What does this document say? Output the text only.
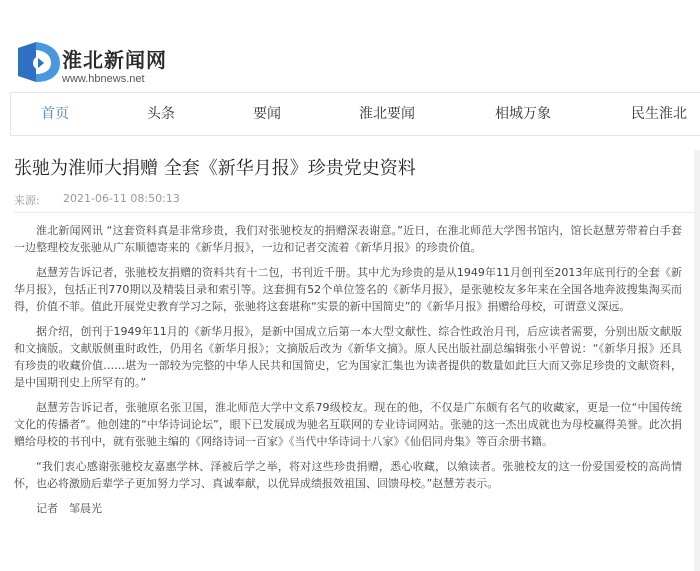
淮北新闻网
www.hbnews.net
首页	头条	要闻	淮北要闻	相城万象	民生淮北
张驰为淮师大捐赠 全套《新华月报》珍贵党史资料
来源: 2021-06-11 08:50:13

淮北新闻网讯 “这套资料真是非常珍贵，我们对张驰校友的捐赠深表谢意。”近日，在淮北师范大学图书馆内，馆长赵慧芳带着白手套一边整理校友张驰从广东顺德寄来的《新华月报》，一边和记者交流着《新华月报》的珍贵价值。

赵慧芳告诉记者，张驰校友捐赠的资料共有十二包，书刊近千册。其中尤为珍贵的是从1949年11月创刊至2013年底刊行的全套《新华月报》，包括正刊770期以及精装目录和索引等。这套拥有52个单位签名的《新华月报》，是张驰校友多年来在全国各地奔波搜集淘买而得，价值不菲。值此开展党史教育学习之际，张驰将这套堪称“实景的新中国简史”的《新华月报》捐赠给母校，可谓意义深远。

据介绍，创刊于1949年11月的《新华月报》，是新中国成立后第一本大型文献性、综合性政治月刊，后应读者需要，分别出版文献版和文摘版。文献版侧重时政性，仍用名《新华月报》；文摘版后改为《新华文摘》。原人民出版社副总编辑张小平曾说：“《新华月报》还具有珍贵的收藏价值……堪为一部较为完整的中华人民共和国简史，它为国家汇集也为读者提供的数量如此巨大而又弥足珍贵的文献资料，是中国期刊史上所罕有的。”

赵慧芳告诉记者，张驰原名张卫国，淮北师范大学中文系79级校友。现在的他，不仅是广东颇有名气的收藏家，更是一位“中国传统文化的传播者”。他创建的“中华诗词论坛”，眼下已发展成为驰名互联网的专业诗词网站。张驰的这一杰出成就也为母校赢得美誉。此次捐赠给母校的书刊中，就有张驰主编的《网络诗词一百家》《当代中华诗词十八家》《仙侣同舟集》等百余册书籍。

“我们衷心感谢张驰校友嘉惠学林、泽被后学之举，将对这些珍贵捐赠，悉心收藏，以飨读者。张驰校友的这一份爱国爱校的高尚情怀，也必将激励后辈学子更加努力学习、真诚奉献，以优异成绩报效祖国、回馈母校。”赵慧芳表示。

记者　邹晨光
